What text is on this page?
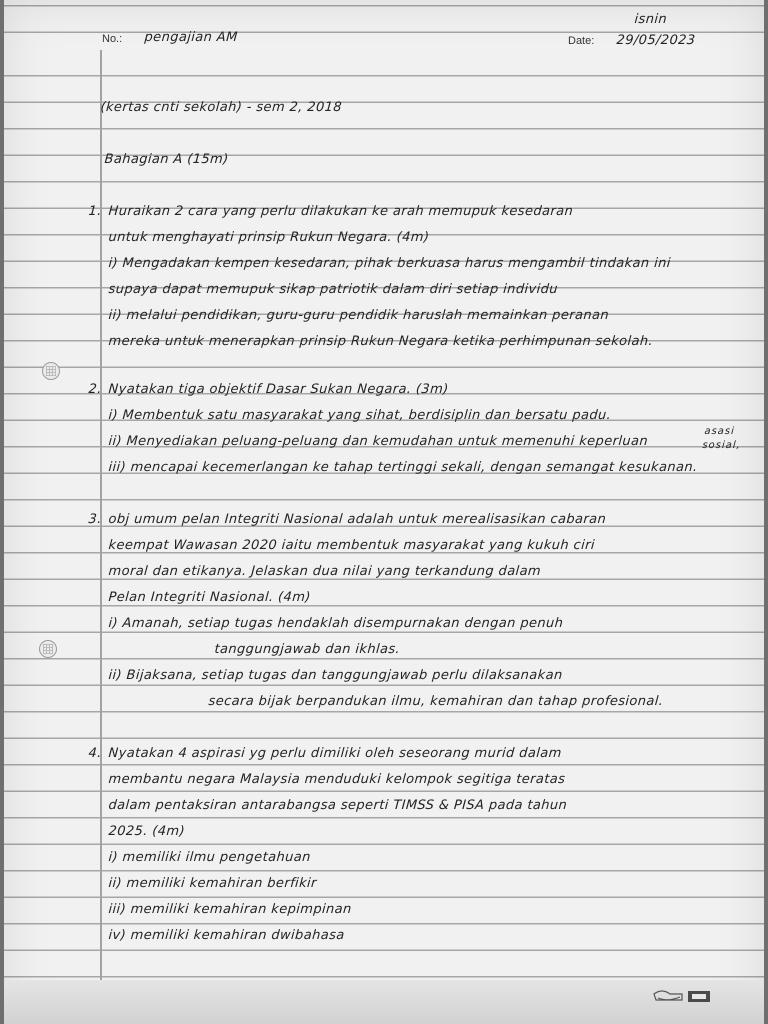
No.:	Date:
pengajian AM
isnin
29/05/2023
(kertas cnti sekolah) - sem 2, 2018
Bahagian A (15m)
1. Huraikan 2 cara yang perlu dilakukan ke arah memupuk kesedaran
untuk menghayati prinsip Rukun Negara. (4m)
i) Mengadakan kempen kesedaran, pihak berkuasa harus mengambil tindakan ini
supaya dapat memupuk sikap patriotik dalam diri setiap individu
ii) melalui pendidikan, guru-guru pendidik haruslah memainkan peranan
mereka untuk menerapkan prinsip Rukun Negara ketika perhimpunan sekolah.
2. Nyatakan tiga objektif Dasar Sukan Negara. (3m)
i) Membentuk satu masyarakat yang sihat, berdisiplin dan bersatu padu.
ii) Menyediakan peluang-peluang dan kemudahan untuk memenuhi keperluan
asasi
sosial,
iii) mencapai kecemerlangan ke tahap tertinggi sekali, dengan semangat kesukanan.
3. obj umum pelan Integriti Nasional adalah untuk merealisasikan cabaran
keempat Wawasan 2020 iaitu membentuk masyarakat yang kukuh ciri
moral dan etikanya. Jelaskan dua nilai yang terkandung dalam
Pelan Integriti Nasional. (4m)
i) Amanah, setiap tugas hendaklah disempurnakan dengan penuh
tanggungjawab dan ikhlas.
ii) Bijaksana, setiap tugas dan tanggungjawab perlu dilaksanakan
secara bijak berpandukan ilmu, kemahiran dan tahap profesional.
4. Nyatakan 4 aspirasi yg perlu dimiliki oleh seseorang murid dalam
membantu negara Malaysia menduduki kelompok segitiga teratas
dalam pentaksiran antarabangsa seperti TIMSS & PISA pada tahun
2025. (4m)
i) memiliki ilmu pengetahuan
ii) memiliki kemahiran berfikir
iii) memiliki kemahiran kepimpinan
iv) memiliki kemahiran dwibahasa
